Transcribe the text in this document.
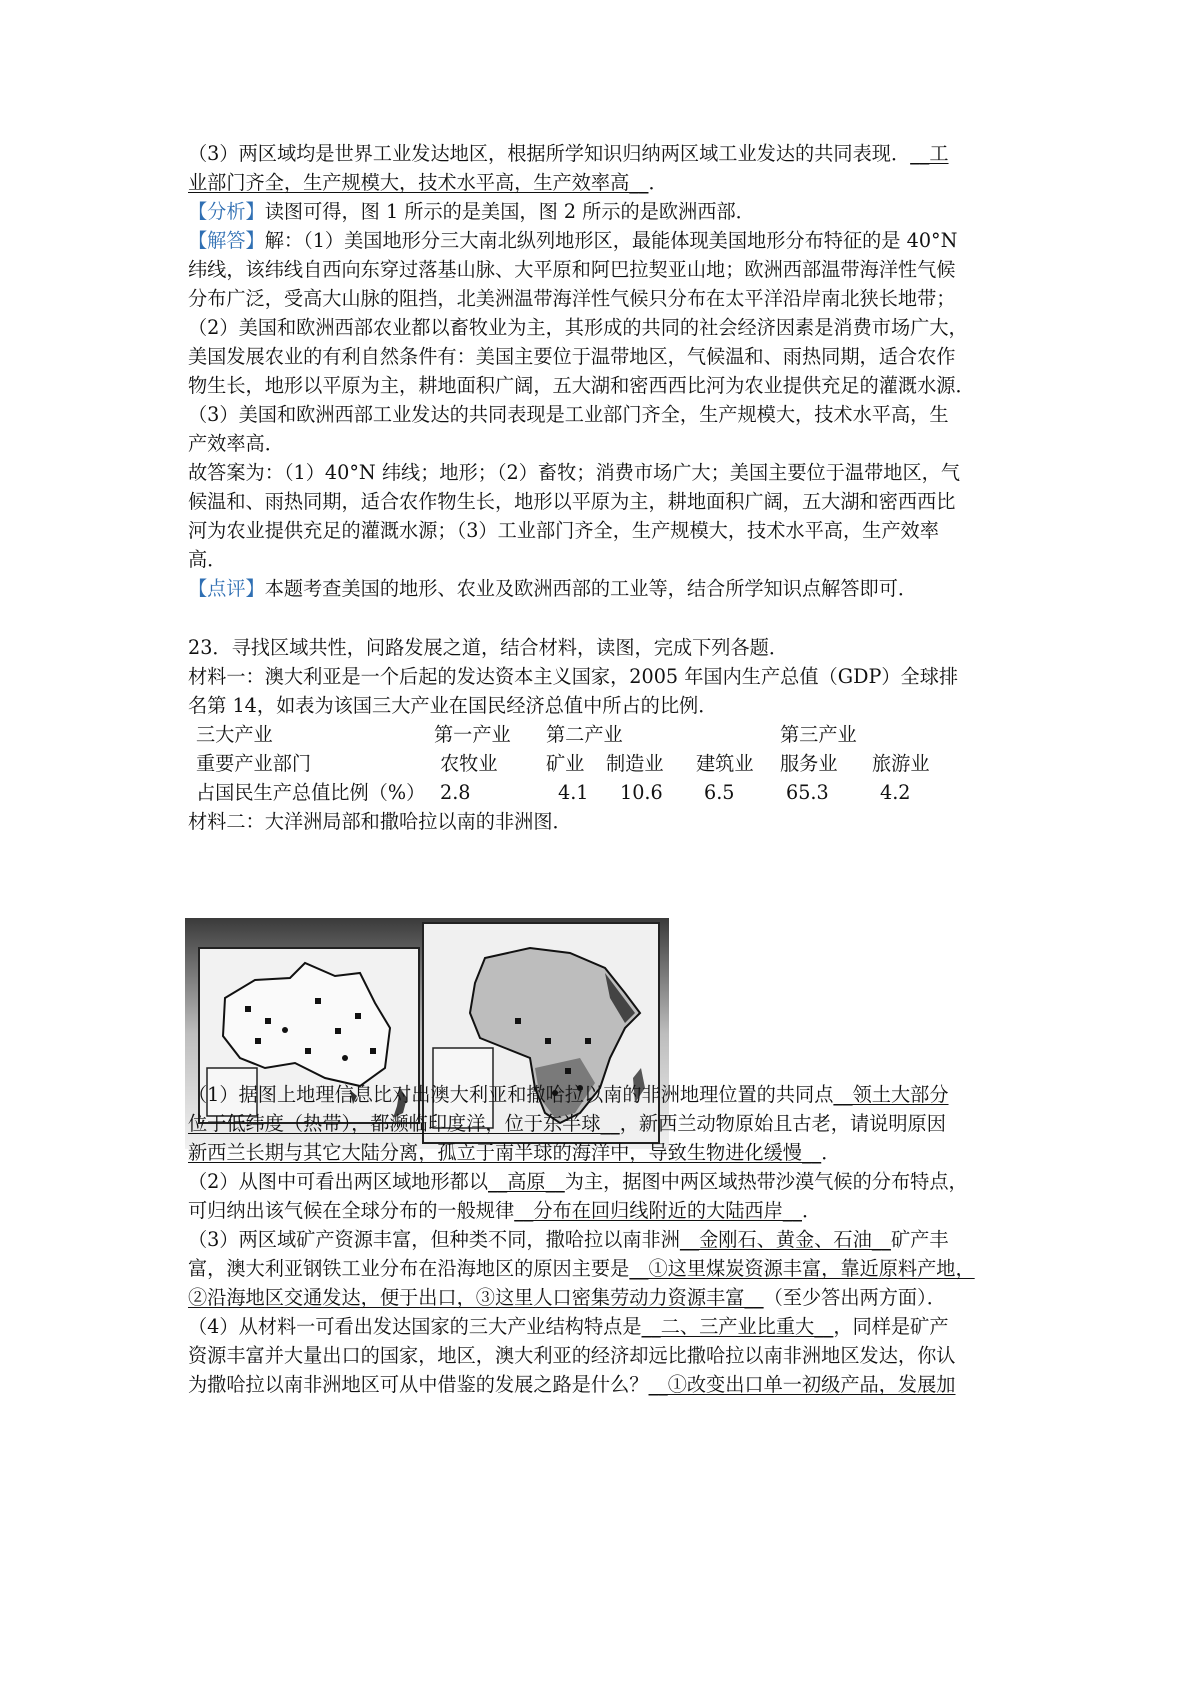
（3）两区域均是世界工业发达地区，根据所学知识归纳两区域工业发达的共同表现．__工
业部门齐全，生产规模大，技术水平高，生产效率高__．
【分析】读图可得，图 1 所示的是美国，图 2 所示的是欧洲西部．
【解答】解：（1）美国地形分三大南北纵列地形区，最能体现美国地形分布特征的是 40°N
纬线，该纬线自西向东穿过落基山脉、大平原和阿巴拉契亚山地；欧洲西部温带海洋性气候
分布广泛，受高大山脉的阻挡，北美洲温带海洋性气候只分布在太平洋沿岸南北狭长地带；
（2）美国和欧洲西部农业都以畜牧业为主，其形成的共同的社会经济因素是消费市场广大，
美国发展农业的有利自然条件有：美国主要位于温带地区，气候温和、雨热同期，适合农作
物生长，地形以平原为主，耕地面积广阔，五大湖和密西西比河为农业提供充足的灌溉水源．
（3）美国和欧洲西部工业发达的共同表现是工业部门齐全，生产规模大，技术水平高，生
产效率高．
故答案为：（1）40°N 纬线；地形；（2）畜牧；消费市场广大；美国主要位于温带地区，气
候温和、雨热同期，适合农作物生长，地形以平原为主，耕地面积广阔，五大湖和密西西比
河为农业提供充足的灌溉水源；（3）工业部门齐全，生产规模大，技术水平高，生产效率
高．
【点评】本题考查美国的地形、农业及欧洲西部的工业等，结合所学知识点解答即可．
23．寻找区域共性，问路发展之道，结合材料，读图，完成下列各题．
材料一：澳大利亚是一个后起的发达资本主义国家，2005 年国内生产总值（GDP）全球排
名第 14，如表为该国三大产业在国民经济总值中所占的比例．
三大产业	第一产业 第二产业	第三产业
重要产业部门	农牧业	矿业 制造业 建筑业 服务业 旅游业
占国民生产总值比例（%） 2.8	4.1 10.6 6.5	65.3	4.2
材料二：大洋洲局部和撒哈拉以南的非洲图．
（1）据图上地理信息比对出澳大利亚和撒哈拉以南的非洲地理位置的共同点__领土大部分
位于低纬度（热带），都濒临印度洋，位于东半球__，新西兰动物原始且古老，请说明原因
新西兰长期与其它大陆分离，孤立于南半球的海洋中，导致生物进化缓慢__．
（2）从图中可看出两区域地形都以__高原__为主，据图中两区域热带沙漠气候的分布特点，
可归纳出该气候在全球分布的一般规律__分布在回归线附近的大陆西岸__．
（3）两区域矿产资源丰富，但种类不同，撒哈拉以南非洲__金刚石、黄金、石油__矿产丰
富，澳大利亚钢铁工业分布在沿海地区的原因主要是__①这里煤炭资源丰富，靠近原料产地，
②沿海地区交通发达，便于出口，③这里人口密集劳动力资源丰富__（至少答出两方面）．
（4）从材料一可看出发达国家的三大产业结构特点是__二、三产业比重大__，同样是矿产
资源丰富并大量出口的国家，地区，澳大利亚的经济却远比撒哈拉以南非洲地区发达，你认
为撒哈拉以南非洲地区可从中借鉴的发展之路是什么？__①改变出口单一初级产品，发展加
